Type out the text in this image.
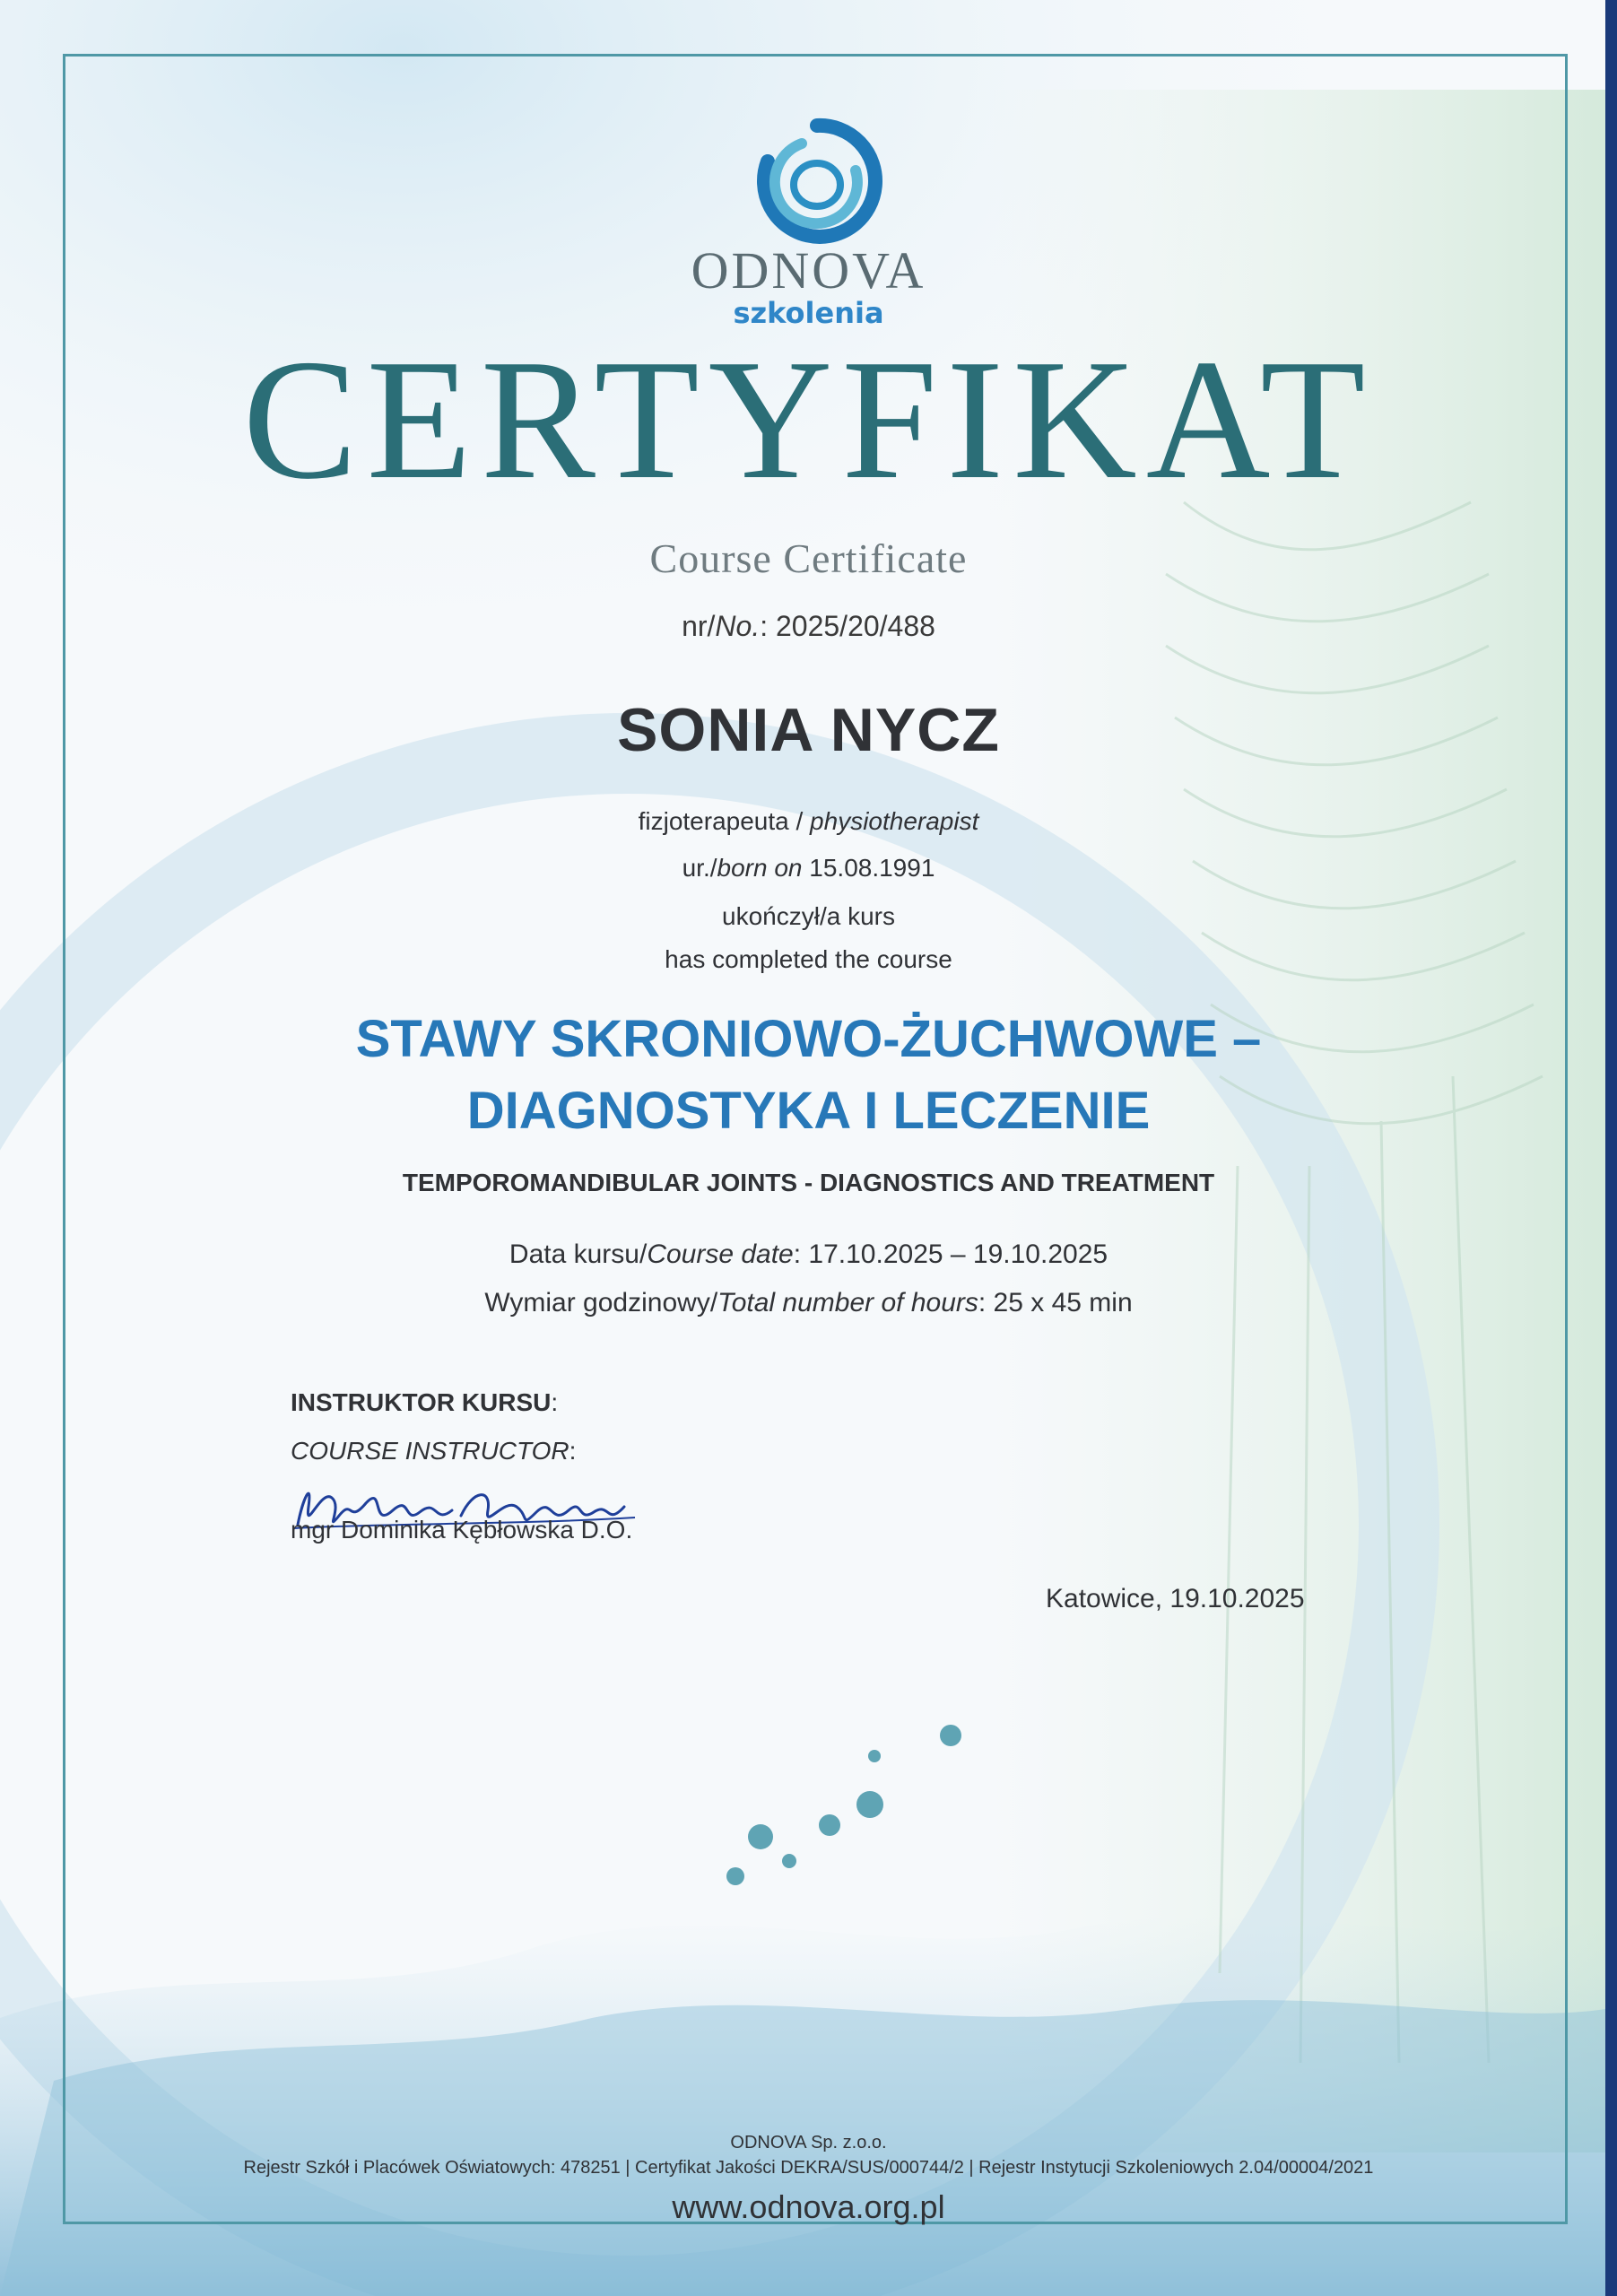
ODNOVA
szkolenia
CERTYFIKAT
Course Certificate
nr/No.: 2025/20/488
SONIA NYCZ
fizjoterapeuta / physiotherapist
ur./born on 15.08.1991
ukończył/a kurs
has completed the course
STAWY SKRONIOWO-ŻUCHWOWE –
DIAGNOSTYKA I LECZENIE
TEMPOROMANDIBULAR JOINTS - DIAGNOSTICS AND TREATMENT
Data kursu/Course date: 17.10.2025 – 19.10.2025
Wymiar godzinowy/Total number of hours: 25 x 45 min
INSTRUKTOR KURSU:
COURSE INSTRUCTOR:
mgr Dominika Kębłowska D.O.
Katowice, 19.10.2025
ODNOVA Sp. z.o.o.
Rejestr Szkół i Placówek Oświatowych: 478251 | Certyfikat Jakości DEKRA/SUS/000744/2 | Rejestr Instytucji Szkoleniowych 2.04/00004/2021
www.odnova.org.pl
